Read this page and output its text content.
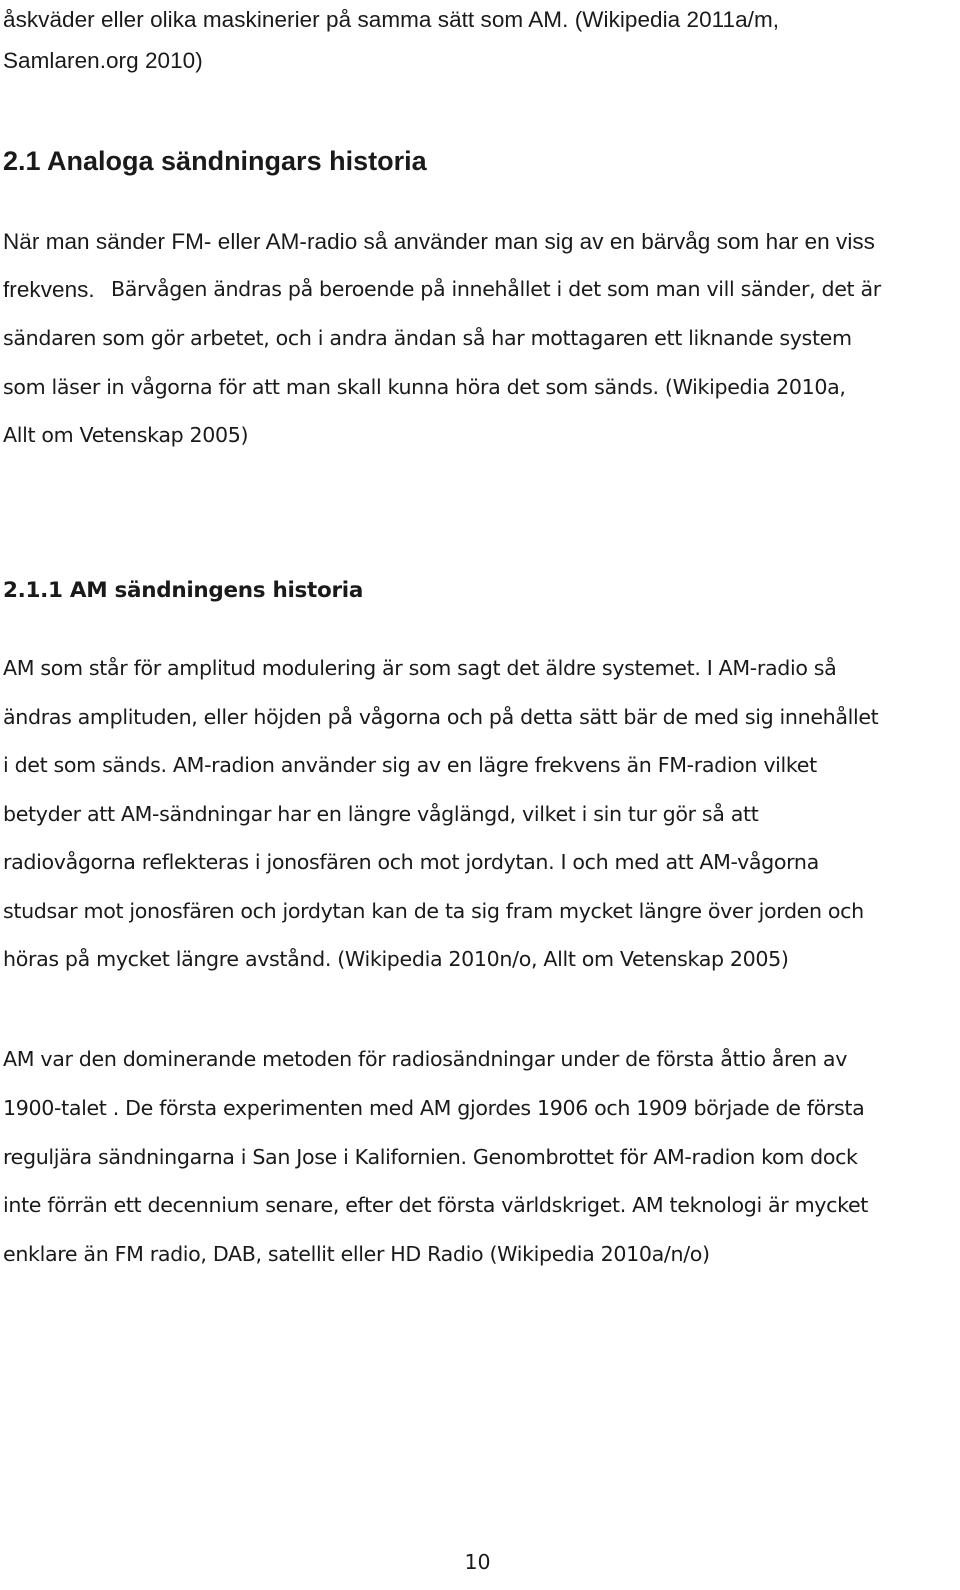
åskväder eller olika maskinerier på samma sätt som AM. (Wikipedia 2011a/m,
Samlaren.org 2010)
2.1 Analoga sändningars historia
När man sänder FM- eller AM-radio så använder man sig av en bärvåg som har en viss
frekvens. Bärvågen ändras på beroende på innehållet i det som man vill sänder, det är
sändaren som gör arbetet, och i andra ändan så har mottagaren ett liknande system
som läser in vågorna för att man skall kunna höra det som sänds. (Wikipedia 2010a,
Allt om Vetenskap 2005)
2.1.1 AM sändningens historia
AM som står för amplitud modulering är som sagt det äldre systemet. I AM-radio så
ändras amplituden, eller höjden på vågorna och på detta sätt bär de med sig innehållet
i det som sänds. AM-radion använder sig av en lägre frekvens än FM-radion vilket
betyder att AM-sändningar har en längre våglängd, vilket i sin tur gör så att
radiovågorna reflekteras i jonosfären och mot jordytan. I och med att AM-vågorna
studsar mot jonosfären och jordytan kan de ta sig fram mycket längre över jorden och
höras på mycket längre avstånd. (Wikipedia 2010n/o, Allt om Vetenskap 2005)
AM var den dominerande metoden för radiosändningar under de första åttio åren av
1900-talet . De första experimenten med AM gjordes 1906 och 1909 började de första
reguljära sändningarna i San Jose i Kalifornien. Genombrottet för AM-radion kom dock
inte förrän ett decennium senare, efter det första världskriget. AM teknologi är mycket
enklare än FM radio, DAB, satellit eller HD Radio (Wikipedia 2010a/n/o)
10
